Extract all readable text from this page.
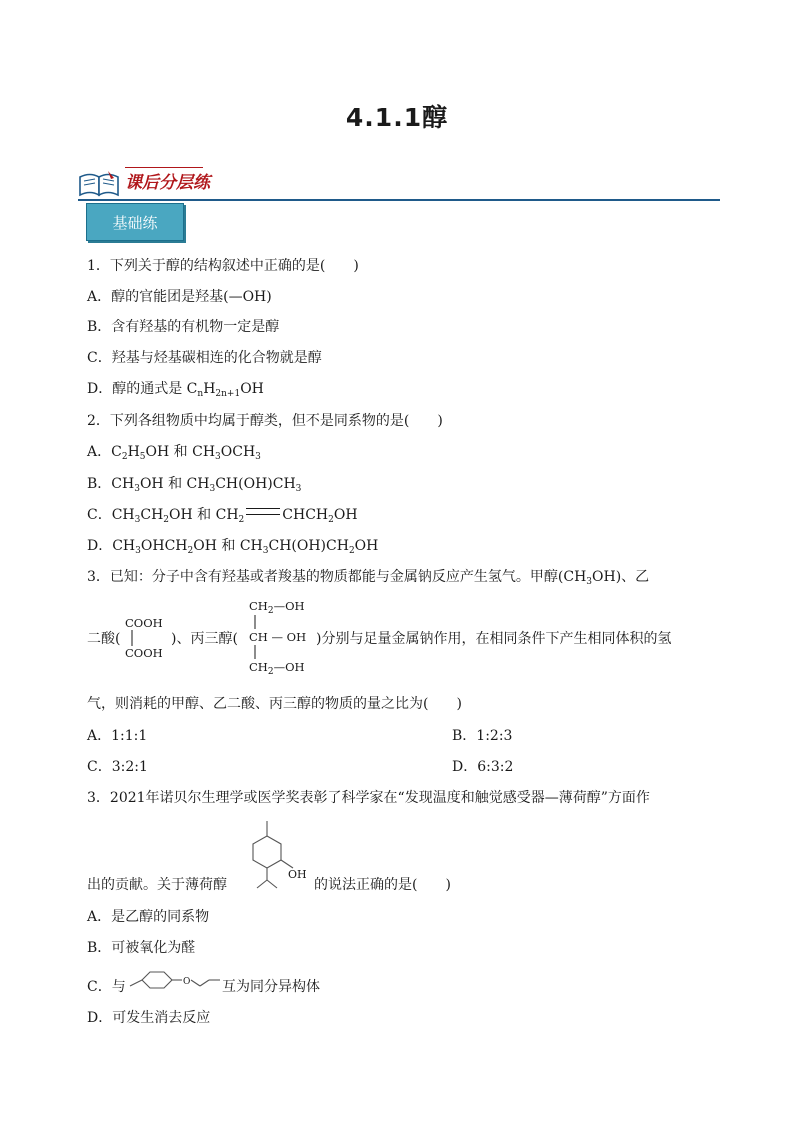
4.1.1醇
课后分层练
基础练
1．下列关于醇的结构叙述中正确的是(　　)
A．醇的官能团是羟基(—OH)
B．含有羟基的有机物一定是醇
C．羟基与烃基碳相连的化合物就是醇
D．醇的通式是 $C_nH_{2n+1}OH$
2．下列各组物质中均属于醇类，但不是同系物的是(　　)
A．$C_2H_5OH$ 和 $CH_3OCH_3$
B．$CH_3OH$ 和 $CH_3CH(OH)CH_3$
C．$CH_3CH_2OH$ 和 $CH_2$	$CHCH_2OH$
D．$CH_3OHCH_2OH$ 和 $CH_3CH(OH)CH_2OH$
3．已知：分子中含有羟基或者羧基的物质都能与金属钠反应产生氢气。甲醇$(CH_3OH)$、乙
二酸(
COOH
COOH
)、丙三醇(
$CH_2—OH$
CH — OH
$CH_2—OH$
)分别与足量金属钠作用，在相同条件下产生相同体积的氢
气，则消耗的甲醇、乙二酸、丙三醇的物质的量之比为(　　)
A．1:1:1	B．1:2:3
C．3:2:1	D．6:3:2
3．2021年诺贝尔生理学或医学奖表彰了科学家在“发现温度和触觉感受器—薄荷醇”方面作
出的贡献。关于薄荷醇
OH
的说法正确的是(　　)
A．是乙醇的同系物
B．可被氧化为醛
C．与	O 互为同分异构体
D．可发生消去反应
